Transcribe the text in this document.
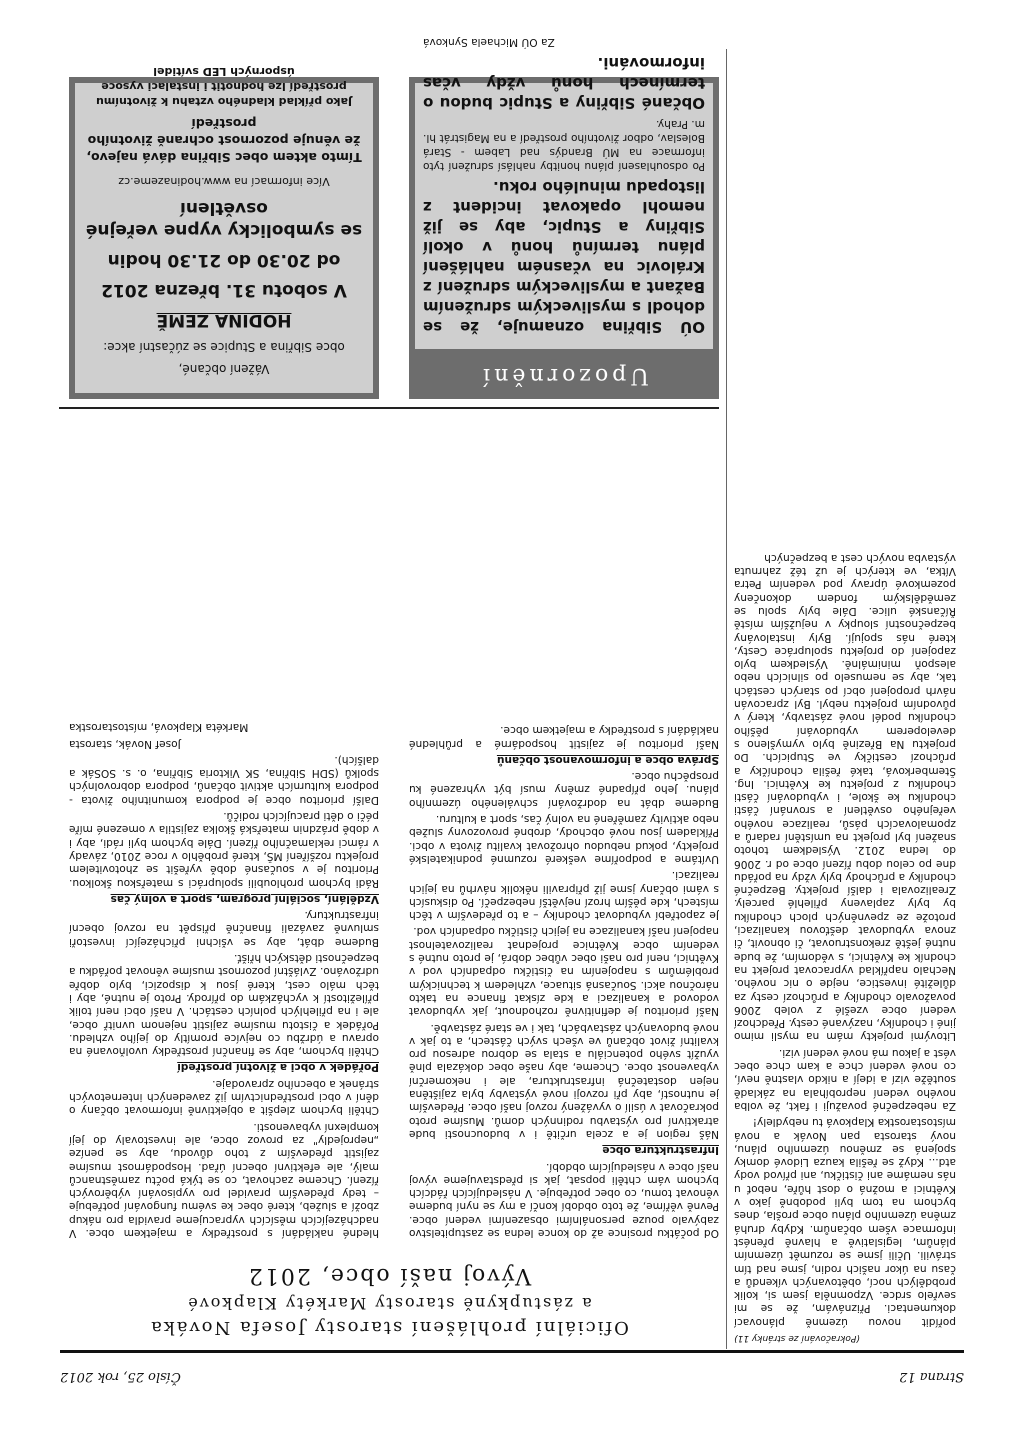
Strana 12
Číslo 25, rok 2012

(Pokračování ze stránky 11)

pořídit novou územně plánovací dokumentaci. Přiznávám, že se mi sevřelo srdce. Vzpomněla jsem si, kolik probdělých nocí, obětovaných víkendů a času na úkor našich rodin, jsme nad tím strávili. Učili jsme se rozumět územním plánům, legislativě a hlavně přenést informace všem občanům. Kdyby druhá změna územního plánu obce prošla, dnes bychom na tom byli podobně jako v Květnici a možná o dost hůře, neboť u nás nemáme ani čističku, ani přívod vody atd... Když se řešila kauza Lidové domky spojená se změnou územního plánu, nový starosta pan Novák a nová místostarostka Klapková tu nebydlely!

Za nebezpečné považuji i fakt, že volba nového vedení neprobíhala na základě soutěže vizí a idejí a nikdo vlastně neví, co nové vedení chce a kam chce obec vést a jakou má nové vedení vizi.

Litovými projekty mám na mysli mimo jiné i chodníky, nazývané cesty. Předchozí vedení obce vzešlé z voleb 2006 považovalo chodníky a průchozí cesty za důležité investice, nejde o nic nového. Nechalo například vypracovat projekt na chodník ke Květnici, s vědomím, že bude nutné ještě zrekonstruovat, či obnovit, či znova vybudovat dešťovou kanalizaci, protože ze zpevněných ploch chodníku by byly zaplaveny přilehlé parcely. Zrealizovala i další projekty. Bezpečné chodníky a průchody byly vždy na pořádu dne po celou dobu řízení obce od r. 2006 do ledna 2012. Výsledkem tohoto snažení byl projekt na umístění radarů a zpomalovacích pásů, realizace nového veřejného osvětlení a srovnání části chodníku ke škole, i vybudování části chodníku z projektu ke Květnici. Ing. Štemberková, také řešila chodníčky a průchozí cestičky ve Stupicích. Do projektu Na Březině bylo vymyšleno s developerem vybudování pěšího chodníku podél nové zástavby, který v původním projektu nebyl. Byl zpracován návrh propojení obcí po starých cestách tak, aby se nemuselo po silnicích nebo alespoň minimálně. Výsledkem bylo zapojení do projektu spolupráce Cesty, které nás spojují. Byly instalovány bezpečnostní sloupky v nejužším místě Říčanské ulice. Dále byly spolu se zemědělským fondem dokončeny pozemkové úpravy pod vedením Petra Vítka, ve kterých je už též zahrnuta výstavba nových cest a bezpečných

Oficiální prohlášení starosty Josefa Nováka
a zástupkyně starosty Markéty Klapkové
Vývoj naší obce, 2012

Od počátku prosince až do konce ledna se zastupitelstvo zabývalo pouze personálními obsazeními vedení obce. Pevně věříme, že toto období končí a my se nyní budeme věnovat tomu, co obec potřebuje. V následujících řádcích bychom vám chtěli popsat, jak si představujeme vývoj naší obce v následujícím období.

Infrastruktura obce

Náš region je a zcela určitě i v budoucnosti bude atraktivní pro výstavbu rodinných domů. Musíme proto pokračovat v úsilí o vyvážený rozvoj naší obce. Především je nutností, aby při rozvoji nové výstavby byla zajištěna nejen dostatečná infrastruktura, ale i nekomerční vybavenost obce. Chceme, aby naše obec dokázala plně využít svého potenciálu a stala se dobrou adresou pro kvalitní život občanů ve všech svých částech, a to jak v nové budovaných zástavbách, tak i ve staré zástavbě.

Naší prioritou je definitivně rozhodnout, jak vybudovat vodovod a kanalizaci a kde získat finance na takto náročnou akci. Současná situace, vzhledem k technickým problémům s napojením na čističku odpadních vod v Květnici, není pro naši obec vůbec dobrá, je proto nutné s vedením obce Květnice projednat realizovatelnost napojení naší kanalizace na jejich čističku odpadních vod.

Je zapotřebí vybudovat chodníky – a to především v těch místech, kde pěším hrozí největší nebezpečí. Po diskusích s vámi občany jsme již připravili několik návrhů na jejich realizaci.

Uvítáme a podpoříme veškeré rozumné podnikatelské projekty, pokud nebudou ohrožovat kvalitu života v obci. Příkladem jsou nové obchody, drobné provozovny služeb nebo aktivity zaměřené na volný čas, sport a kulturu.

Budeme dbát na dodržování schváleného územního plánu. Jeho případné změny musí být vyhrazené ku prospěchu obce.

Správa obce a informovanost občanů

Naší prioritou je zajistit hospodárné a průhledné nakládání s prostředky a majetkem obce.

hledné nakládání s prostředky a majetkem obce. V nadcházejících měsících vypracujeme pravidla pro nákup zboží a služeb, které obec ke svému fungování potřebuje – tedy především pravidel pro vypisování výběrových řízení. Chceme zachovat, co se týká počtu zaměstnanců malý, ale efektivní obecní úřad. Hospodárnost musíme zajistit především z toho důvodu, aby se peníze „neprojedly" za provoz obce, ale investovaly do její komplexní vybavenosti.

Chtěli bychom zlepšit a objektivně informovat občany o dění v obci prostřednictvím již zavedených internetových stránek a obecního zpravodaje.

Pořádek v obci a životní prostředí

Chtěli bychom, aby se finanční prostředky uvolňované na opravu a údržbu co nejvíce promítly do jejího vzhledu. Pořádek a čistotu musíme zajistit nejenom uvnitř obce, ale i na přilehlých polních cestách. V naší obci není tolik příležitostí k vycházkám do přírody. Proto je nutné, aby i těch málo cest, které jsou k dispozici, bylo dobře udržováno. Zvláštní pozornost musíme věnovat pořádku a bezpečnosti dětských hřišť.

Budeme dbát, aby se všichni přicházející investoři smluvně zavázali finančně přispět na rozvoj obecní infrastruktury.

Vzdělání, sociální program, sport a volný čas

Rádi bychom prohloubili spolupráci s mateřskou školkou. Prioritou je v současné době vyřešit se zhotovitelem projektu rozšíření MŠ, které proběhlo v roce 2010, závady v rámci reklamačního řízení. Dále bychom byli rádi, aby i v době prázdnin mateřská školka zajistila v omezené míře péči o děti pracujících rodičů.

Další prioritou obce je podpora komunitního života - podpora kulturních aktivit občanů, podpora dobrovolných spolků (SDH Sibřina, SK Viktoria Sibřina, o. s. SOSák a dalších).

Josef Novák, starosta

Markéta Klapková, místostarostka

Upozornění
OÚ Sibřina oznamuje, že se dohodl s mysliveckým sdružením Bažant a mysliveckým sdružení z Královic na včasném nahlášení plánu termínů honů v okolí Sibřiny a Stupic, aby se již nemohl opakovat incident z listopadu minulého roku.
Po odsouhlasení plánu honitby nahlásí sdružení tyto informace na MÚ Brandýs nad Labem - Stará Boleslav, odbor životního prostředí a na Magistrát hl. m. Prahy.
Občané Sibřiny a Stupic budou o termínech honů vždy včas informováni.
Za OÚ Michaela Synková
Vážení občané,
obce Sibřina a Stupice se zúčastní akce:
HODINA ZEMĚ
V sobotu 31. března 2012
od 20.30 do 21.30 hodin
se symbolicky vypne veřejné osvětlení
Více informací na www.hodinazeme.cz
Tímto aktem obec Sibřina dává najevo, že věnuje pozornost ochraně životního prostředí
Jako příklad kladného vztahu k životnímu prostředí lze hodnotit i instalaci vysoce úsporných LED svítidel
